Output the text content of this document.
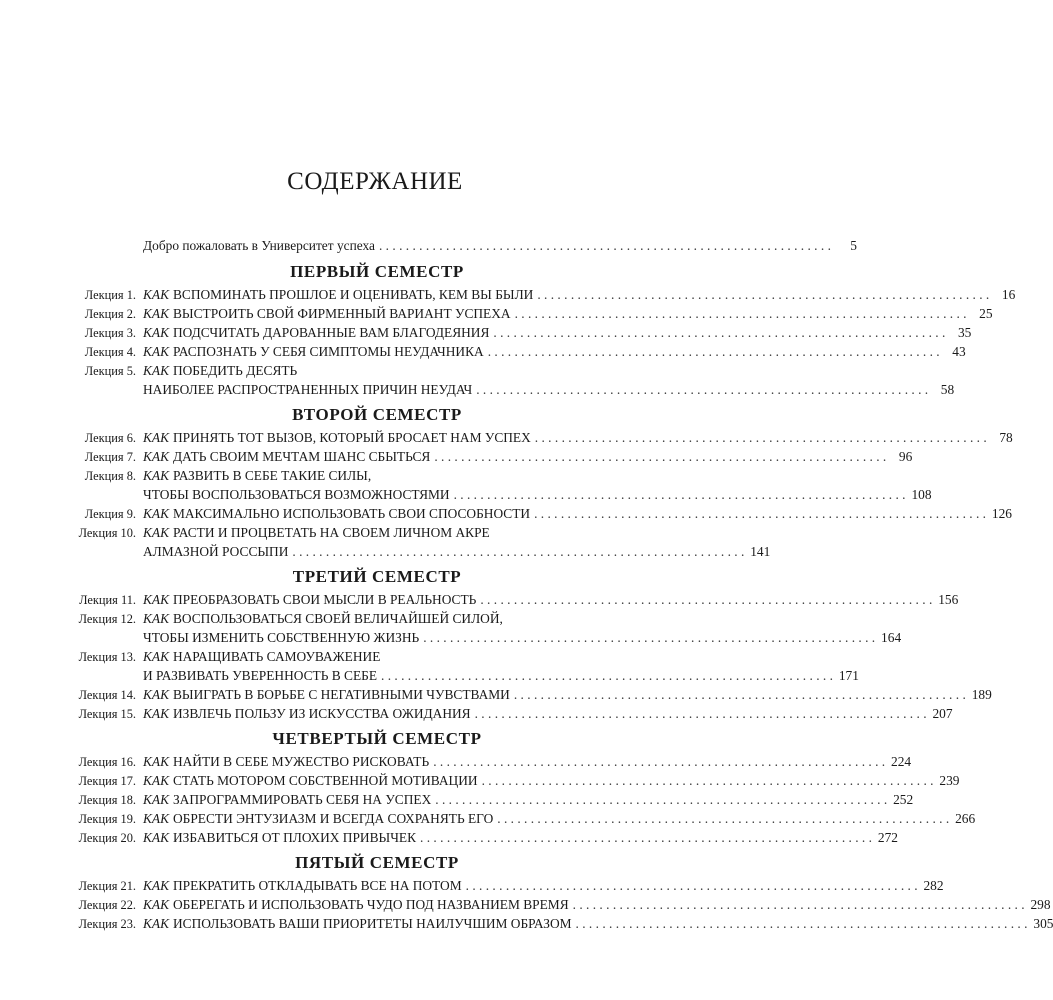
СОДЕРЖАНИЕ
Добро пожаловать в Университет успеха . . .	5
ПЕРВЫЙ СЕМЕСТР
Лекция 1. КАК ВСПОМИНАТЬ ПРОШЛОЕ И ОЦЕНИВАТЬ, КЕМ ВЫ БЫЛИ . . .	16
Лекция 2. КАК ВЫСТРОИТЬ СВОЙ ФИРМЕННЫЙ ВАРИАНТ УСПЕХА . . .	25
Лекция 3. КАК ПОДСЧИТАТЬ ДАРОВАННЫЕ ВАМ БЛАГОДЕЯНИЯ . . .	35
Лекция 4. КАК РАСПОЗНАТЬ У СЕБЯ СИМПТОМЫ НЕУДАЧНИКА . . .	43
Лекция 5. КАК ПОБЕДИТЬ ДЕСЯТЬ
НАИБОЛЕЕ РАСПРОСТРАНЕННЫХ ПРИЧИН НЕУДАЧ . . .	58
ВТОРОЙ СЕМЕСТР
Лекция 6. КАК ПРИНЯТЬ ТОТ ВЫЗОВ, КОТОРЫЙ БРОСАЕТ НАМ УСПЕХ . . .	78
Лекция 7. КАК ДАТЬ СВОИМ МЕЧТАМ ШАНС СБЫТЬСЯ . . .	96
Лекция 8. КАК РАЗВИТЬ В СЕБЕ ТАКИЕ СИЛЫ,
ЧТОБЫ ВОСПОЛЬЗОВАТЬСЯ ВОЗМОЖНОСТЯМИ . . .	108
Лекция 9. КАК МАКСИМАЛЬНО ИСПОЛЬЗОВАТЬ СВОИ СПОСОБНОСТИ . . .	126
Лекция 10. КАК РАСТИ И ПРОЦВЕТАТЬ НА СВОЕМ ЛИЧНОМ АКРЕ
АЛМАЗНОЙ РОССЫПИ . . .	141
ТРЕТИЙ СЕМЕСТР
Лекция 11. КАК ПРЕОБРАЗОВАТЬ СВОИ МЫСЛИ В РЕАЛЬНОСТЬ . . .	156
Лекция 12. КАК ВОСПОЛЬЗОВАТЬСЯ СВОЕЙ ВЕЛИЧАЙШЕЙ СИЛОЙ,
ЧТОБЫ ИЗМЕНИТЬ СОБСТВЕННУЮ ЖИЗНЬ . . .	164
Лекция 13. КАК НАРАЩИВАТЬ САМОУВАЖЕНИЕ
И РАЗВИВАТЬ УВЕРЕННОСТЬ В СЕБЕ . . .	171
Лекция 14. КАК ВЫИГРАТЬ В БОРЬБЕ С НЕГАТИВНЫМИ ЧУВСТВАМИ . . .	189
Лекция 15. КАК ИЗВЛЕЧЬ ПОЛЬЗУ ИЗ ИСКУССТВА ОЖИДАНИЯ . . .	207
ЧЕТВЕРТЫЙ СЕМЕСТР
Лекция 16. КАК НАЙТИ В СЕБЕ МУЖЕСТВО РИСКОВАТЬ . . .	224
Лекция 17. КАК СТАТЬ МОТОРОМ СОБСТВЕННОЙ МОТИВАЦИИ . . .	239
Лекция 18. КАК ЗАПРОГРАММИРОВАТЬ СЕБЯ НА УСПЕХ . . .	252
Лекция 19. КАК ОБРЕСТИ ЭНТУЗИАЗМ И ВСЕГДА СОХРАНЯТЬ ЕГО . . .	266
Лекция 20. КАК ИЗБАВИТЬСЯ ОТ ПЛОХИХ ПРИВЫЧЕК . . .	272
ПЯТЫЙ СЕМЕСТР
Лекция 21. КАК ПРЕКРАТИТЬ ОТКЛАДЫВАТЬ ВСЕ НА ПОТОМ . . .	282
Лекция 22. КАК ОБЕРЕГАТЬ И ИСПОЛЬЗОВАТЬ ЧУДО ПОД НАЗВАНИЕМ ВРЕМЯ . . .	298
Лекция 23. КАК ИСПОЛЬЗОВАТЬ ВАШИ ПРИОРИТЕТЫ НАИЛУЧШИМ ОБРАЗОМ . . .	305
